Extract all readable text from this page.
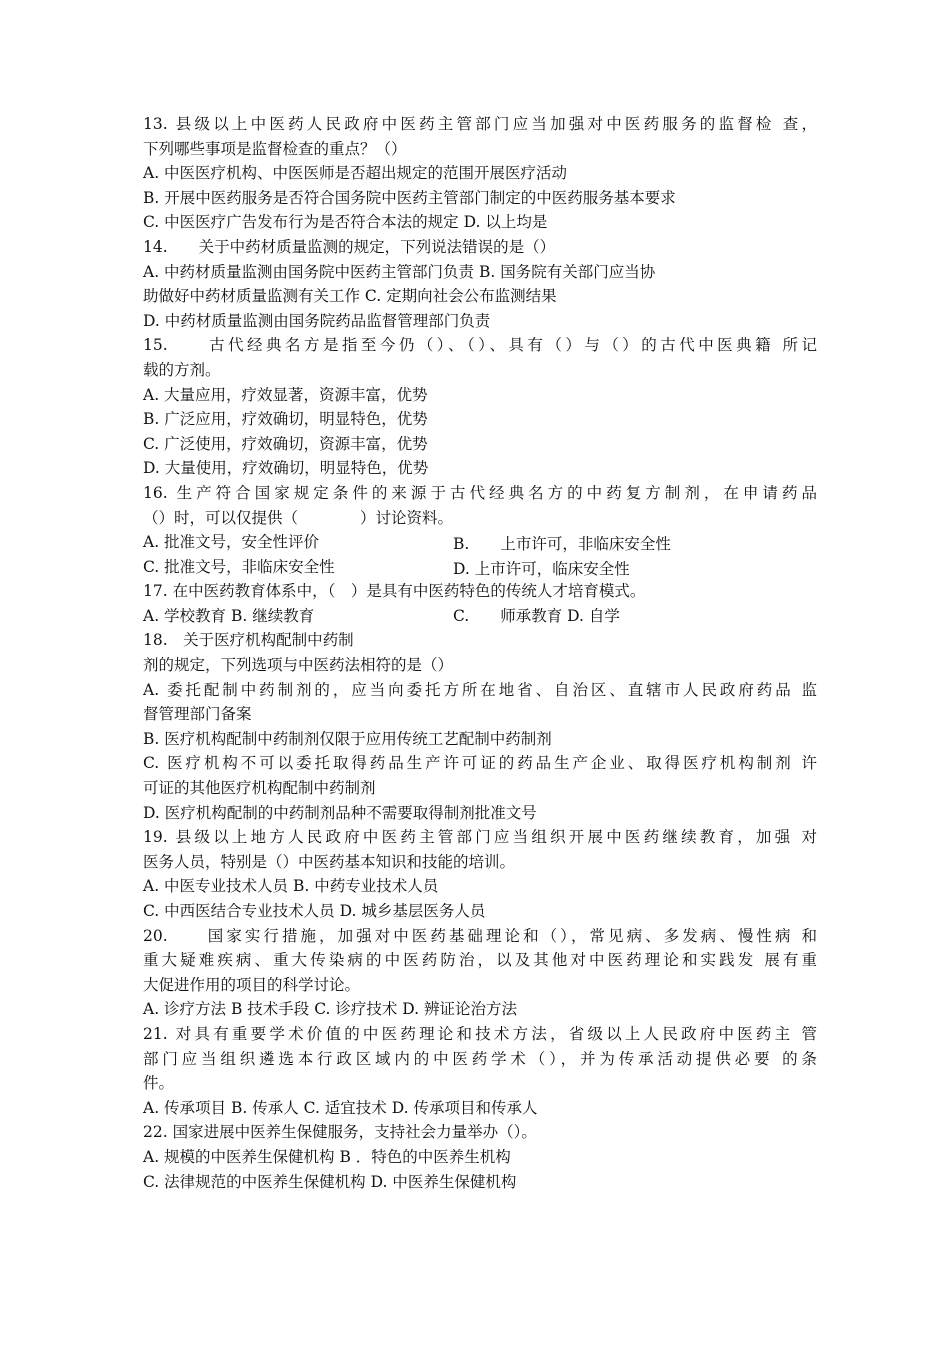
13. 县级以上中医药人民政府中医药主管部门应当加强对中医药服务的监督检 查，
下列哪些事项是监督检查的重点？（）
A. 中医医疗机构、中医医师是否超出规定的范围开展医疗活动
B. 开展中医药服务是否符合国务院中医药主管部门制定的中医药服务基本要求
C. 中医医疗广告发布行为是否符合本法的规定 D. 以上均是
14.　　关于中药材质量监测的规定，下列说法错误的是（）
A. 中药材质量监测由国务院中医药主管部门负责 B. 国务院有关部门应当协
助做好中药材质量监测有关工作 C. 定期向社会公布监测结果
D. 中药材质量监测由国务院药品监督管理部门负责
15.　　古代经典名方是指至今仍（）、（）、具有（）与（）的古代中医典籍 所记
载的方剂。
A. 大量应用，疗效显著，资源丰富，优势
B. 广泛应用，疗效确切，明显特色，优势
C. 广泛使用，疗效确切，资源丰富，优势
D. 大量使用，疗效确切，明显特色，优势
16. 生产符合国家规定条件的来源于古代经典名方的中药复方制剂，在申请药品
（）时，可以仅提供（　　　　）讨论资料。
A. 批准文号，安全性评价	B.　　上市许可，非临床安全性
C. 批准文号，非临床安全性	D. 上市许可，临床安全性
17. 在中医药教育体系中，（　）是具有中医药特色的传统人才培育模式。
A. 学校教育 B. 继续教育	C.　　师承教育 D. 自学
18.　关于医疗机构配制中药制
剂的规定，下列选项与中医药法相符的是（）
A. 委托配制中药制剂的，应当向委托方所在地省、自治区、直辖市人民政府药品 监
督管理部门备案
B. 医疗机构配制中药制剂仅限于应用传统工艺配制中药制剂
C. 医疗机构不可以委托取得药品生产许可证的药品生产企业、取得医疗机构制剂 许
可证的其他医疗机构配制中药制剂
D. 医疗机构配制的中药制剂品种不需要取得制剂批准文号
19. 县级以上地方人民政府中医药主管部门应当组织开展中医药继续教育，加强 对
医务人员，特别是（）中医药基本知识和技能的培训。
A. 中医专业技术人员 B. 中药专业技术人员
C. 中西医结合专业技术人员 D. 城乡基层医务人员
20.　　国家实行措施，加强对中医药基础理论和（），常见病、多发病、慢性病 和
重大疑难疾病、重大传染病的中医药防治，以及其他对中医药理论和实践发 展有重
大促进作用的项目的科学讨论。
A. 诊疗方法 B 技术手段 C. 诊疗技术 D. 辨证论治方法
21. 对具有重要学术价值的中医药理论和技术方法，省级以上人民政府中医药主 管
部门应当组织遴选本行政区域内的中医药学术（），并为传承活动提供必要 的条
件。
A. 传承项目 B. 传承人 C. 适宜技术 D. 传承项目和传承人
22. 国家进展中医养生保健服务，支持社会力量举办（）。
A. 规模的中医养生保健机构 B ．特色的中医养生机构
C. 法律规范的中医养生保健机构 D. 中医养生保健机构
